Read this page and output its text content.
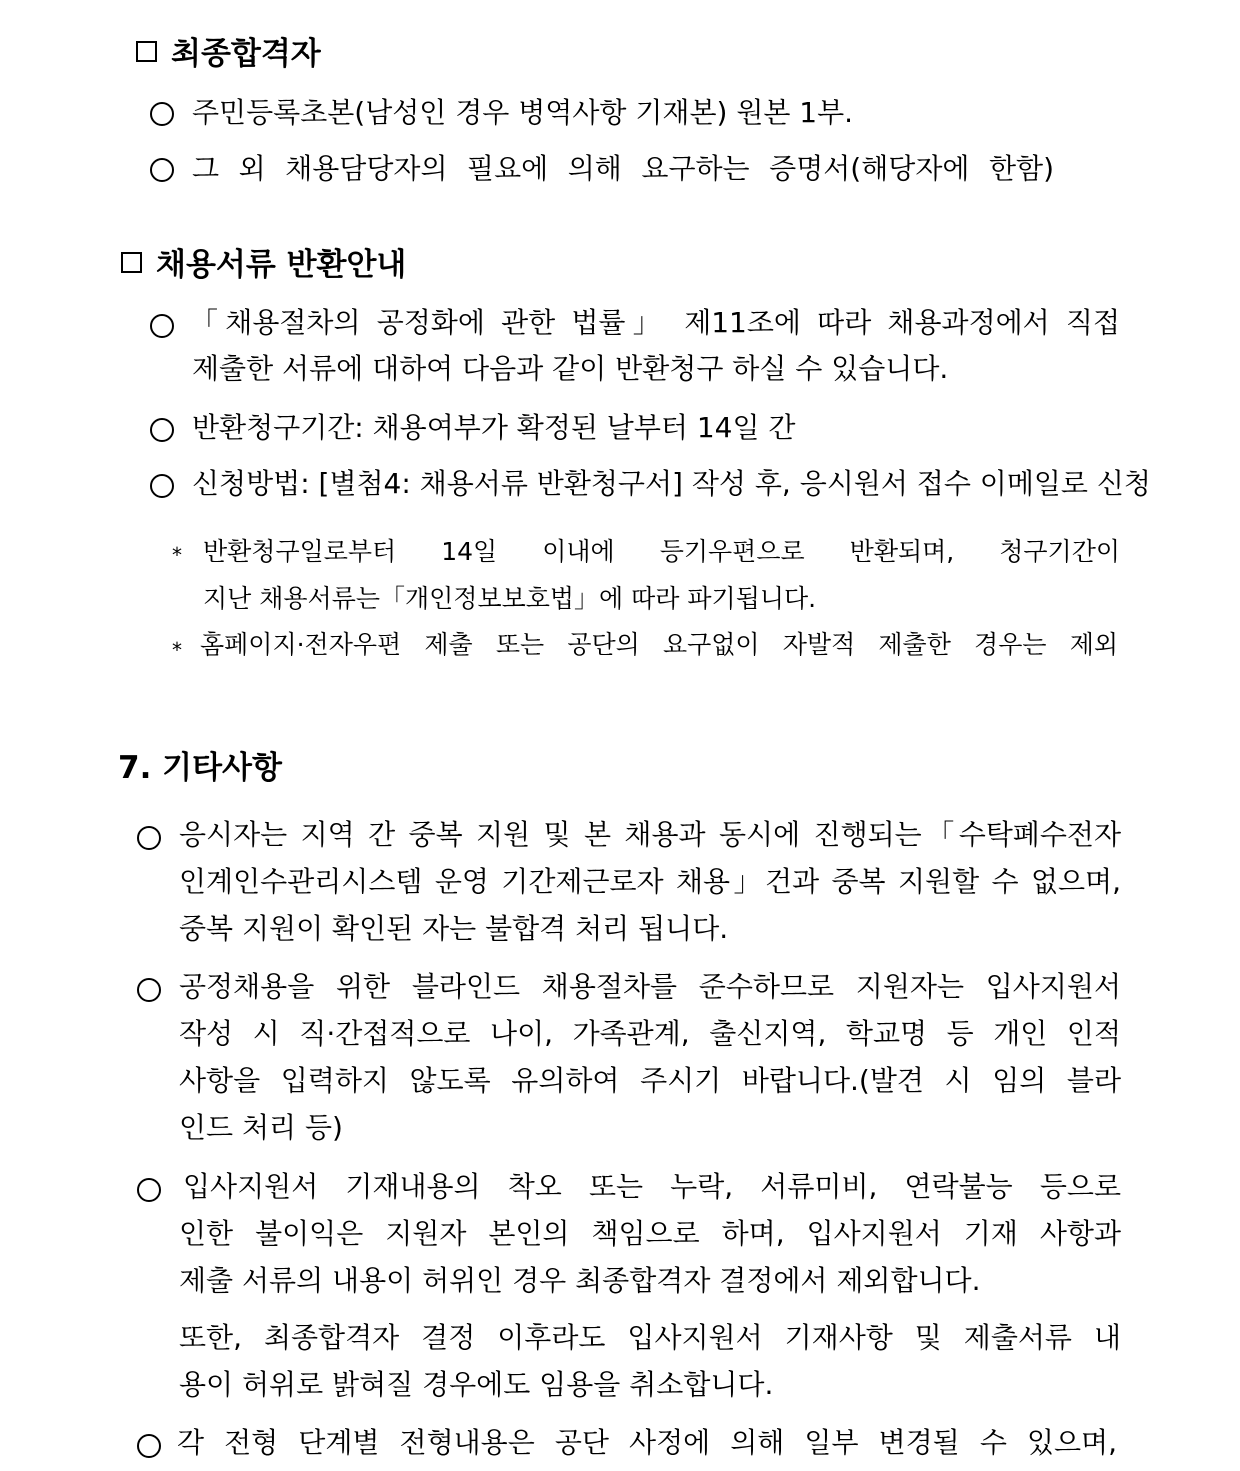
최종합격자
주민등록초본(남성인 경우 병역사항 기재본) 원본 1부.
그 외 채용담당자의 필요에 의해 요구하는 증명서(해당자에 한함)
채용서류 반환안내
「채용절차의 공정화에 관한 법률」 제11조에 따라 채용과정에서 직접
제출한 서류에 대하여 다음과 같이 반환청구 하실 수 있습니다.
반환청구기간: 채용여부가 확정된 날부터 14일 간
신청방법: [별첨4: 채용서류 반환청구서] 작성 후, 응시원서 접수 이메일로 신청
* 반환청구일로부터 14일 이내에 등기우편으로 반환되며, 청구기간이
지난 채용서류는「개인정보보호법」에 따라 파기됩니다.
* 홈페이지·전자우편 제출 또는 공단의 요구없이 자발적 제출한 경우는 제외
7. 기타사항
응시자는 지역 간 중복 지원 및 본 채용과 동시에 진행되는「수탁폐수전자
인계인수관리시스템 운영 기간제근로자 채용」건과 중복 지원할 수 없으며,
중복 지원이 확인된 자는 불합격 처리 됩니다.
공정채용을 위한 블라인드 채용절차를 준수하므로 지원자는 입사지원서
작성 시 직·간접적으로 나이, 가족관계, 출신지역, 학교명 등 개인 인적
사항을 입력하지 않도록 유의하여 주시기 바랍니다.(발견 시 임의 블라
인드 처리 등)
입사지원서 기재내용의 착오 또는 누락, 서류미비, 연락불능 등으로
인한 불이익은 지원자 본인의 책임으로 하며, 입사지원서 기재 사항과
제출 서류의 내용이 허위인 경우 최종합격자 결정에서 제외합니다.
또한, 최종합격자 결정 이후라도 입사지원서 기재사항 및 제출서류 내
용이 허위로 밝혀질 경우에도 임용을 취소합니다.
각 전형 단계별 전형내용은 공단 사정에 의해 일부 변경될 수 있으며,
